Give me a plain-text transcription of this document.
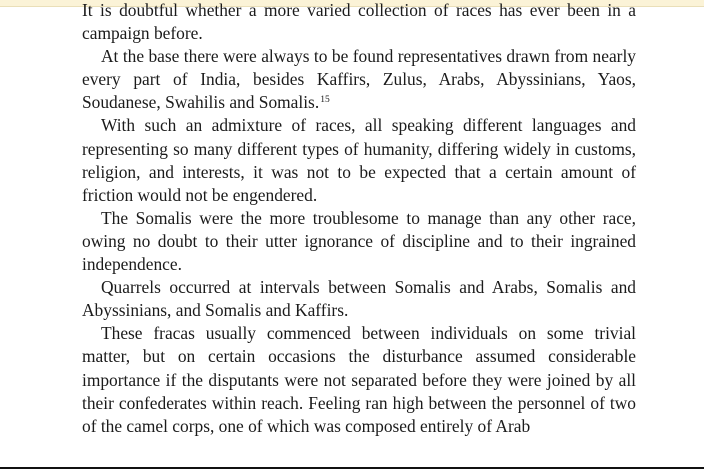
It is doubtful whether a more varied collection of races has ever been in a campaign before.

At the base there were always to be found representatives drawn from nearly every part of India, besides Kaffirs, Zulus, Arabs, Abyssinians, Yaos, Soudanese, Swahilis and Somalis.$^{15}$

With such an admixture of races, all speaking different languages and representing so many different types of humanity, differing widely in customs, religion, and interests, it was not to be expected that a certain amount of friction would not be engendered.

The Somalis were the more troublesome to manage than any other race, owing no doubt to their utter ignorance of discipline and to their ingrained independence.

Quarrels occurred at intervals between Somalis and Arabs, Somalis and Abyssinians, and Somalis and Kaffirs.

These fracas usually commenced between individuals on some trivial matter, but on certain occasions the disturbance assumed considerable importance if the disputants were not separated before they were joined by all their confederates within reach. Feeling ran high between the personnel of two of the camel corps, one of which was composed entirely of Arab
